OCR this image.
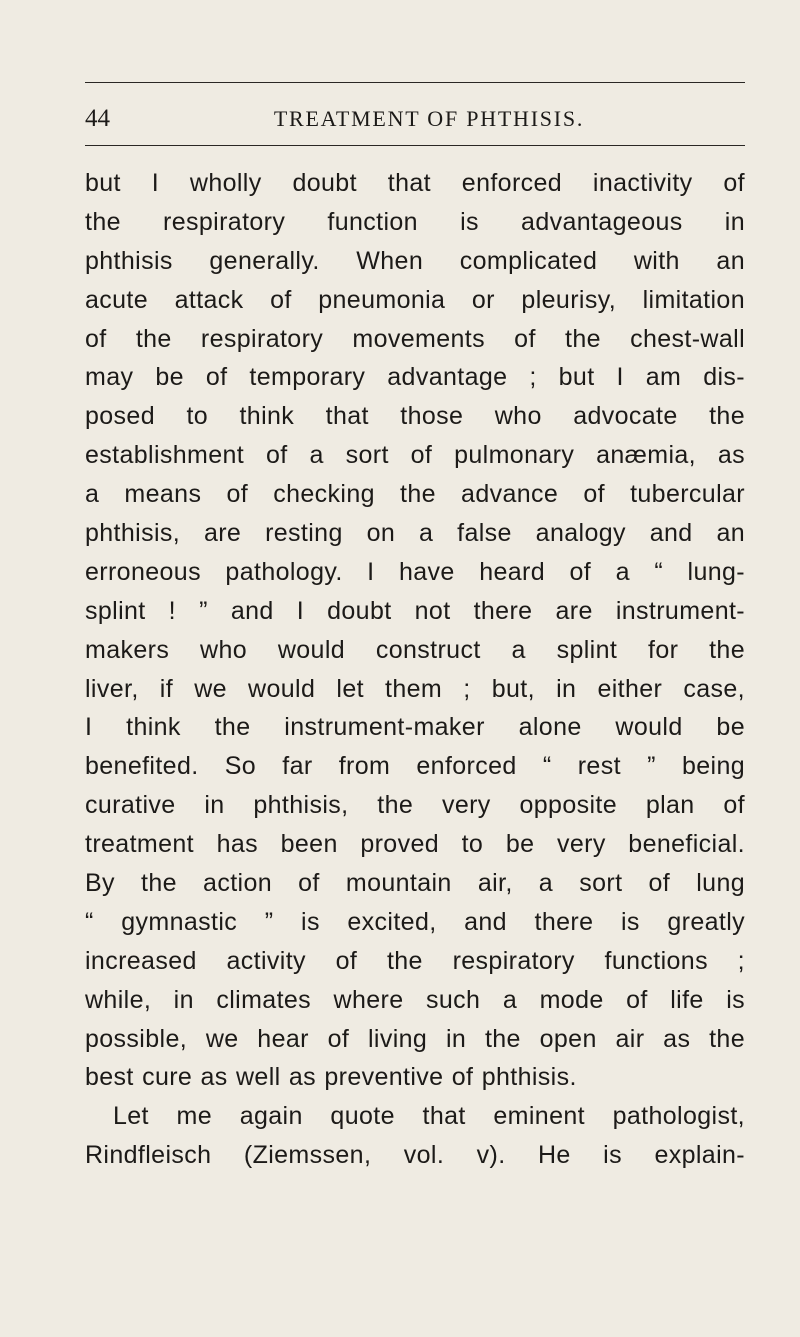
44	TREATMENT OF PHTHISIS.
but I wholly doubt that enforced inactivity of
the respiratory function is advantageous in
phthisis generally. When complicated with an
acute attack of pneumonia or pleurisy, limitation
of the respiratory movements of the chest-wall
may be of temporary advantage ; but I am dis-
posed to think that those who advocate the
establishment of a sort of pulmonary anæmia, as
a means of checking the advance of tubercular
phthisis, are resting on a false analogy and an
erroneous pathology. I have heard of a “ lung-
splint ! ” and I doubt not there are instrument-
makers who would construct a splint for the
liver, if we would let them ; but, in either case,
I think the instrument-maker alone would be
benefited. So far from enforced “ rest ” being
curative in phthisis, the very opposite plan of
treatment has been proved to be very beneficial.
By the action of mountain air, a sort of lung
“ gymnastic ” is excited, and there is greatly
increased activity of the respiratory functions ;
while, in climates where such a mode of life is
possible, we hear of living in the open air as the
best cure as well as preventive of phthisis.
Let me again quote that eminent pathologist,
Rindfleisch (Ziemssen, vol. v). He is explain-
